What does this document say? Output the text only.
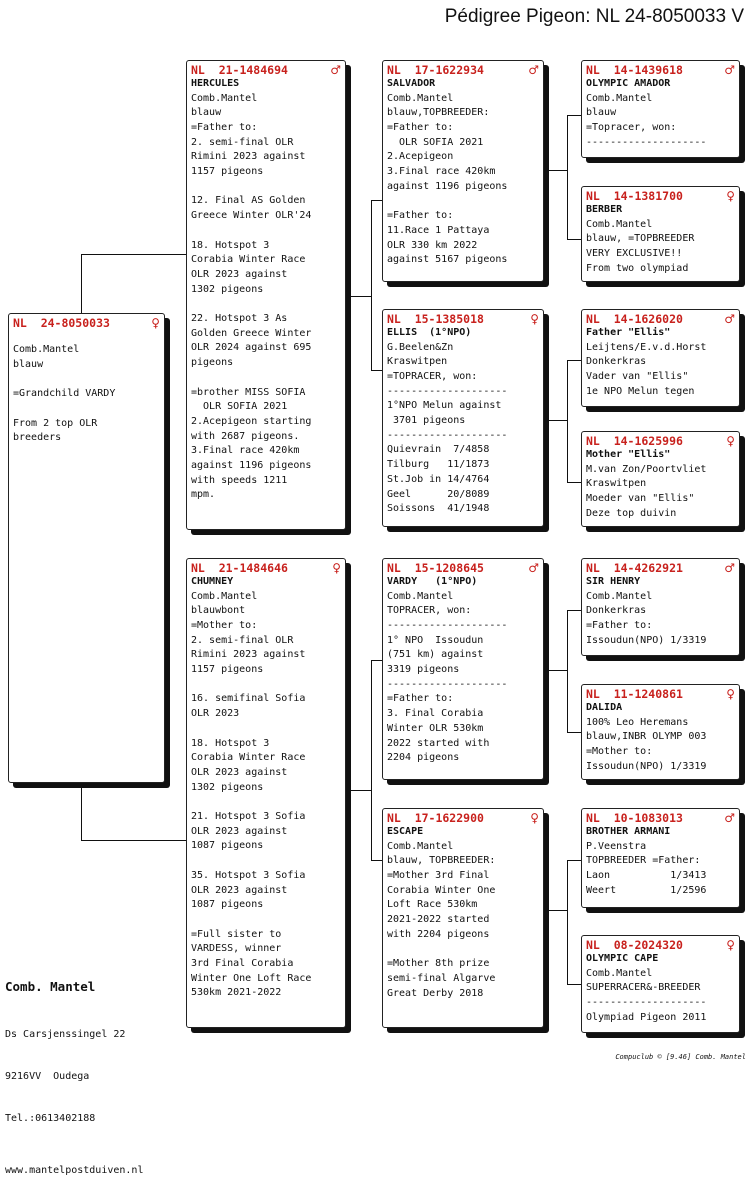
Pédigree Pigeon: NL 24-8050033 V
NL  24-8050033	♀
Comb.Mantel
blauw

=Grandchild VARDY

From 2 top OLR
breeders
NL  21-1484694	♂
HERCULES
Comb.Mantel
blauw
=Father to:
2. semi-final OLR
Rimini 2023 against
1157 pigeons

12. Final AS Golden
Greece Winter OLR'24

18. Hotspot 3
Corabia Winter Race
OLR 2023 against
1302 pigeons

22. Hotspot 3 As
Golden Greece Winter
OLR 2024 against 695
pigeons

=brother MISS SOFIA
OLR SOFIA 2021
2.Acepigeon starting
with 2687 pigeons.
3.Final race 420km
against 1196 pigeons
with speeds 1211
mpm.
NL  21-1484646	♀
CHUMNEY
Comb.Mantel
blauwbont
=Mother to:
2. semi-final OLR
Rimini 2023 against
1157 pigeons

16. semifinal Sofia
OLR 2023

18. Hotspot 3
Corabia Winter Race
OLR 2023 against
1302 pigeons

21. Hotspot 3 Sofia
OLR 2023 against
1087 pigeons

35. Hotspot 3 Sofia
OLR 2023 against
1087 pigeons

=Full sister to
VARDESS, winner
3rd Final Corabia
Winter One Loft Race
530km 2021-2022
NL  17-1622934	♂
SALVADOR
Comb.Mantel
blauw,TOPBREEDER:
=Father to:
OLR SOFIA 2021
2.Acepigeon
3.Final race 420km
against 1196 pigeons

=Father to:
11.Race 1 Pattaya
OLR 330 km 2022
against 5167 pigeons
NL  15-1385018	♀
ELLIS  (1°NPO)
G.Beelen&Zn
Kraswitpen
=TOPRACER, won:
--------------------
1°NPO Melun against
3701 pigeons
--------------------
Quievrain  7/4858
Tilburg   11/1873
St.Job in 14/4764
Geel      20/8089
Soissons  41/1948
NL  15-1208645	♂
VARDY   (1°NPO)
Comb.Mantel
TOPRACER, won:
--------------------
1° NPO  Issoudun
(751 km) against
3319 pigeons
--------------------
=Father to:
3. Final Corabia
Winter OLR 530km
2022 started with
2204 pigeons
NL  17-1622900	♀
ESCAPE
Comb.Mantel
blauw, TOPBREEDER:
=Mother 3rd Final
Corabia Winter One
Loft Race 530km
2021-2022 started
with 2204 pigeons

=Mother 8th prize
semi-final Algarve
Great Derby 2018
NL  14-1439618	♂
OLYMPIC AMADOR
Comb.Mantel
blauw
=Topracer, won:
--------------------
NL  14-1381700	♀
BERBER
Comb.Mantel
blauw, =TOPBREEDER
VERY EXCLUSIVE!!
From two olympiad
NL  14-1626020	♂
Father "Ellis"
Leijtens/E.v.d.Horst
Donkerkras
Vader van "Ellis"
1e NPO Melun tegen
NL  14-1625996	♀
Mother "Ellis"
M.van Zon/Poortvliet
Kraswitpen
Moeder van "Ellis"
Deze top duivin
NL  14-4262921	♂
SIR HENRY
Comb.Mantel
Donkerkras
=Father to:
Issoudun(NPO) 1/3319
NL  11-1240861	♀
DALIDA
100% Leo Heremans
blauw,INBR OLYMP 003
=Mother to:
Issoudun(NPO) 1/3319
NL  10-1083013	♂
BROTHER ARMANI
P.Veenstra
TOPBREEDER =Father:
Laon          1/3413
Weert         1/2596
NL  08-2024320	♀
OLYMPIC CAPE
Comb.Mantel
SUPERRACER&-BREEDER
--------------------
Olympiad Pigeon 2011

Comb. Mantel

Ds Carsjenssingel 22

9216VV  Oudega

Tel.:0613402188

www.mantelpostduiven.nl

Compuclub © [9.46] Comb. Mantel
